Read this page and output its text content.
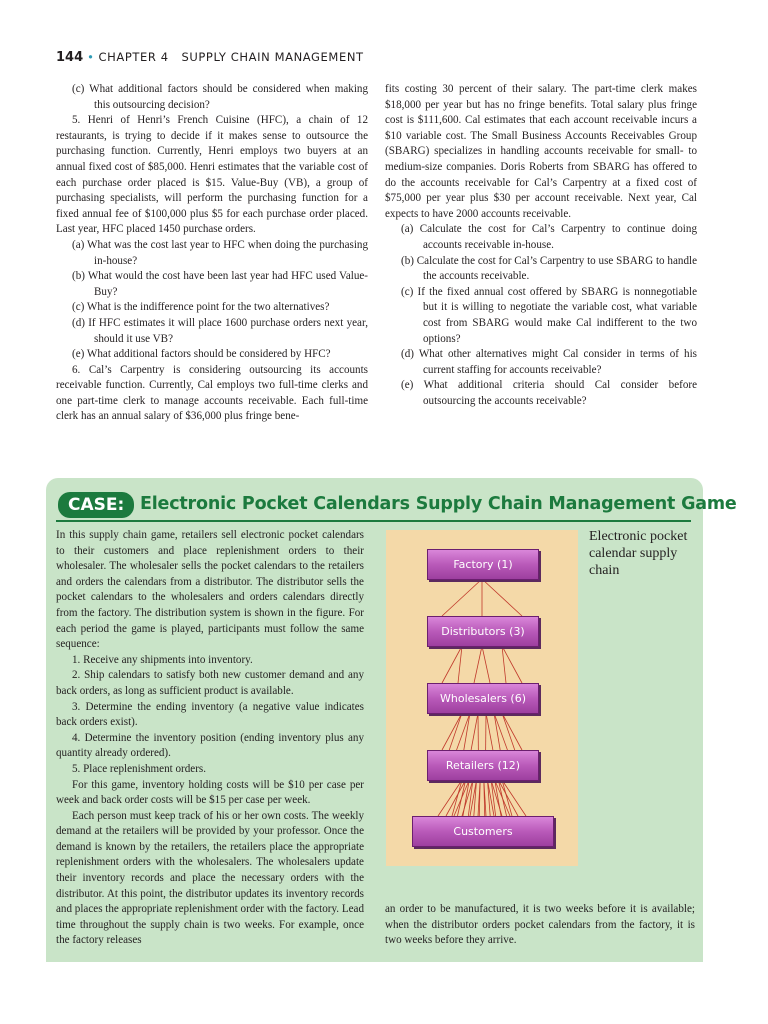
144 • CHAPTER 4 SUPPLY CHAIN MANAGEMENT

(c) What additional factors should be considered when making this outsourcing decision?

5. Henri of Henri’s French Cuisine (HFC), a chain of 12 restaurants, is trying to decide if it makes sense to outsource the purchasing function. Currently, Henri employs two buyers at an annual fixed cost of $85,000. Henri estimates that the variable cost of each purchase order placed is $15. Value-Buy (VB), a group of purchasing specialists, will perform the purchasing function for a fixed annual fee of $100,000 plus $5 for each purchase order placed. Last year, HFC placed 1450 purchase orders.

(a) What was the cost last year to HFC when doing the purchasing in-house?

(b) What would the cost have been last year had HFC used Value-Buy?

(c) What is the indifference point for the two alternatives?

(d) If HFC estimates it will place 1600 purchase orders next year, should it use VB?

(e) What additional factors should be considered by HFC?

6. Cal’s Carpentry is considering outsourcing its accounts receivable function. Currently, Cal employs two full-time clerks and one part-time clerk to manage accounts receivable. Each full-time clerk has an annual salary of $36,000 plus fringe bene-

fits costing 30 percent of their salary. The part-time clerk makes $18,000 per year but has no fringe benefits. Total salary plus fringe cost is $111,600. Cal estimates that each account receivable incurs a $10 variable cost. The Small Business Accounts Receivables Group (SBARG) specializes in handling accounts receivable for small- to medium-size companies. Doris Roberts from SBARG has offered to do the accounts receivable for Cal’s Carpentry at a fixed cost of $75,000 per year plus $30 per account receivable. Next year, Cal expects to have 2000 accounts receivable.

(a) Calculate the cost for Cal’s Carpentry to continue doing accounts receivable in-house.

(b) Calculate the cost for Cal’s Carpentry to use SBARG to handle the accounts receivable.

(c) If the fixed annual cost offered by SBARG is nonnegotiable but it is willing to negotiate the variable cost, what variable cost from SBARG would make Cal indifferent to the two options?

(d) What other alternatives might Cal consider in terms of his current staffing for accounts receivable?

(e) What additional criteria should Cal consider before outsourcing the accounts receivable?

CASE: Electronic Pocket Calendars Supply Chain Management Game

In this supply chain game, retailers sell electronic pocket calendars to their customers and place replenishment orders to their wholesaler. The wholesaler sells the pocket calendars to the retailers and orders the calendars from a distributor. The distributor sells the pocket calendars to the wholesalers and orders calendars directly from the factory. The distribution system is shown in the figure. For each period the game is played, participants must follow the same sequence:

1. Receive any shipments into inventory.

2. Ship calendars to satisfy both new customer demand and any back orders, as long as sufficient product is available.

3. Determine the ending inventory (a negative value indicates back orders exist).

4. Determine the inventory position (ending inventory plus any quantity already ordered).

5. Place replenishment orders.

For this game, inventory holding costs will be $10 per case per week and back order costs will be $15 per case per week.

Each person must keep track of his or her own costs. The weekly demand at the retailers will be provided by your professor. Once the demand is known by the retailers, the retailers place the appropriate replenishment orders with the wholesalers. The wholesalers update their inventory records and place the necessary orders with the distributor. At this point, the distributor updates its inventory records and places the appropriate replenishment order with the factory. Lead time throughout the supply chain is two weeks. For example, once the factory releases

Factory (1)
Distributors (3)
Wholesalers (6)
Retailers (12)
Customers
Electronic pocket calendar supply chain

an order to be manufactured, it is two weeks before it is available; when the distributor orders pocket calendars from the factory, it is two weeks before they arrive.
